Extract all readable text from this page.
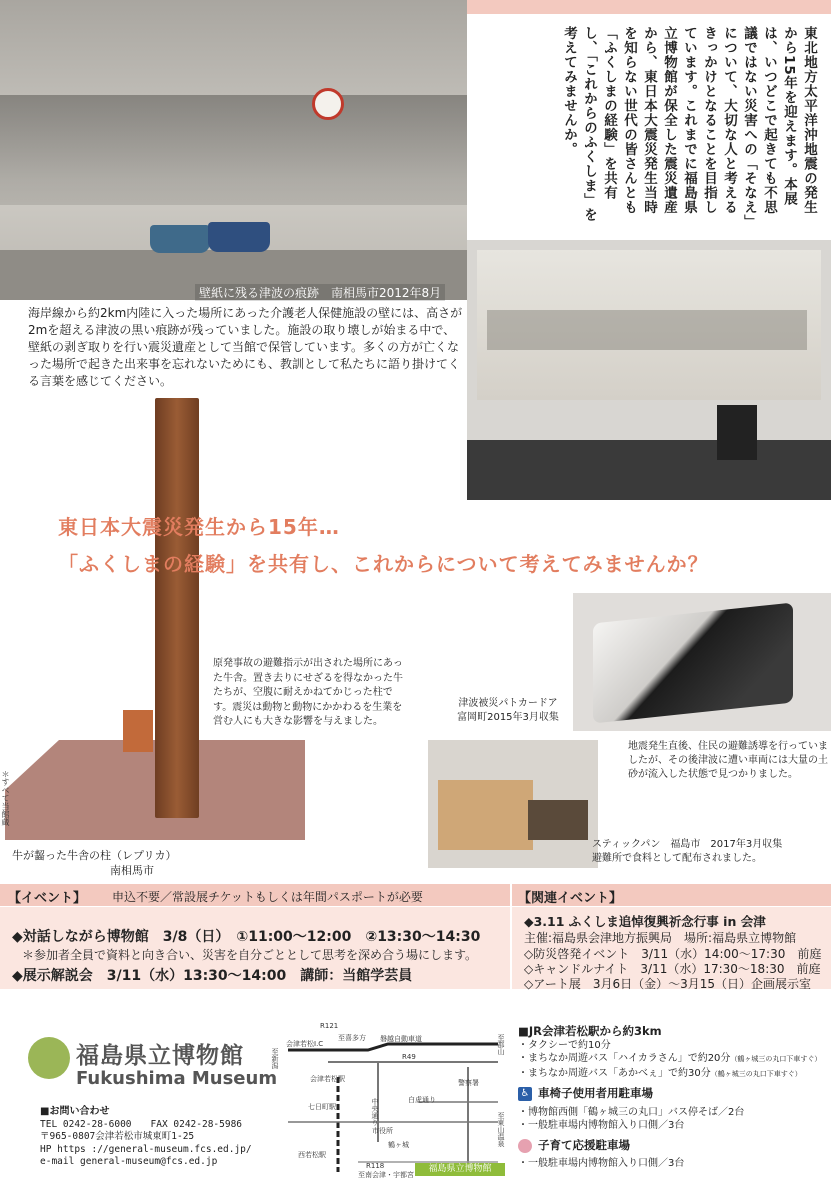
壁紙に残る津波の痕跡　南相馬市2012年8月
東北地方太平洋沖地震の発生から15年を迎えます。本展は、いつどこで起きても不思議ではない災害への「そなえ」について、大切な人と考えるきっかけとなることを目指しています。これまでに福島県立博物館が保全した震災遺産から、東日本大震災発生当時を知らない世代の皆さんとも「ふくしまの経験」を共有し、「これからのふくしま」を考えてみませんか。
海岸線から約2km内陸に入った場所にあった介護老人保健施設の壁には、高さが2mを超える津波の黒い痕跡が残っていました。施設の取り壊しが始まる中で、壁紙の剥ぎ取りを行い震災遺産として当館で保管しています。多くの方が亡くなった場所で起きた出来事を忘れないためにも、教訓として私たちに語り掛けてくる言葉を感じてください。
＊すべて当館蔵
牛が齧った牛舎の柱（レプリカ）
南相馬市
東日本大震災発生から15年…
「ふくしまの経験」を共有し、これからについて考えてみませんか？
原発事故の避難指示が出された場所にあった牛舎。置き去りにせざるを得なかった牛たちが、空腹に耐えかねてかじった柱です。震災は動物と動物にかかわるを生業を営む人にも大きな影響を与えました。
津波被災パトカードア
富岡町2015年3月収集
地震発生直後、住民の避難誘導を行っていましたが、その後津波に遭い車両には大量の土砂が流入した状態で見つかりました。
スティックパン　福島市　2017年3月収集
避難所で食料として配布されました。
【イベント】 申込不要／常設展チケットもしくは年間パスポートが必要	【関連イベント】
◆対話しながら博物館　3/8（日）　①11:00～12:00　②13:30～14:30
＊参加者全員で資料と向き合い、災害を自分ごととして思考を深め合う場にします。
◆展示解説会　3/11（水）13:30～14:00　講師：当館学芸員
◆3.11 ふくしま追悼復興祈念行事 in 会津
主催:福島県会津地方振興局　場所:福島県立博物館
◇防災啓発イベント　3/11（水）14:00～17:30　前庭
◇キャンドルナイト　3/11（水）17:30～18:30　前庭
◇アート展　3月6日（金）～3月15（日）企画展示室
福島県立博物館
Fukushima Museum
■お問い合わせ
TEL 0242-28-6000　　FAX 0242-28-5986
〒965-0807会津若松市城東町1-25
HP https ://general-museum.fcs.ed.jp/
e-mail general-museum@fcs.ed.jp
R121
至喜多方
会津若松I.C
磐越自動車道
R49
至新潟
至郡山
会津若松駅	警察署
白虎通り
七日町駅	中央通り
市役所
鶴ヶ城
西若松駅
R118
至南会津・宇都宮
至東山温泉
福島県立博物館
■JR会津若松駅から約3km
・タクシーで約10分
・まちなか周遊バス「ハイカラさん」で約20分（鶴ヶ城三の丸口下車すぐ）
・まちなか周遊バス「あかべぇ」で約30分（鶴ヶ城三の丸口下車すぐ）
♿ 車椅子使用者用駐車場
・博物館西側「鶴ヶ城三の丸口」バス停そば／2台
・一般駐車場内博物館入り口側／3台
子育て応援駐車場
・一般駐車場内博物館入り口側／3台
